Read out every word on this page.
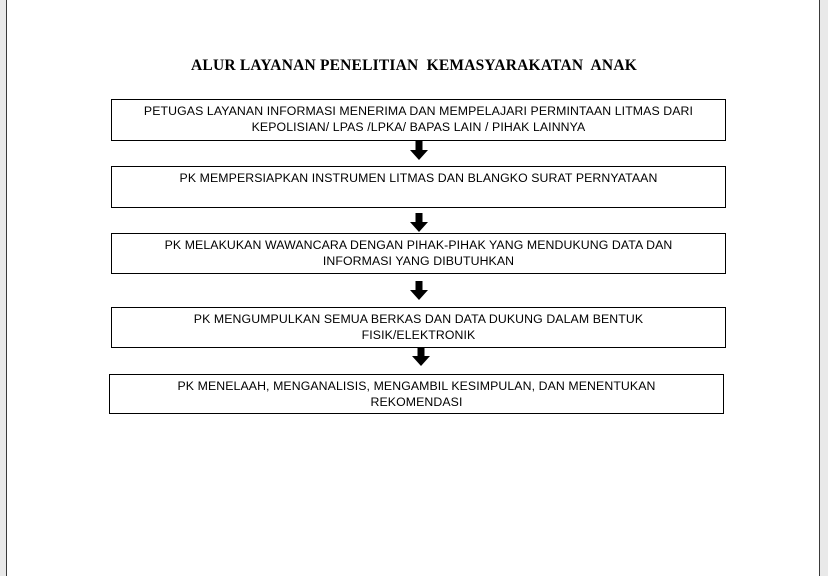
ALUR LAYANAN PENELITIAN  KEMASYARAKATAN  ANAK
PETUGAS LAYANAN INFORMASI MENERIMA DAN MEMPELAJARI PERMINTAAN LITMAS DARI
KEPOLISIAN/ LPAS /LPKA/ BAPAS LAIN / PIHAK LAINNYA
PK MEMPERSIAPKAN INSTRUMEN LITMAS DAN BLANGKO SURAT PERNYATAAN
PK MELAKUKAN WAWANCARA DENGAN PIHAK-PIHAK YANG MENDUKUNG DATA DAN
INFORMASI YANG DIBUTUHKAN
PK MENGUMPULKAN SEMUA BERKAS DAN DATA DUKUNG DALAM BENTUK
FISIK/ELEKTRONIK
PK MENELAAH, MENGANALISIS, MENGAMBIL KESIMPULAN, DAN MENENTUKAN
REKOMENDASI
